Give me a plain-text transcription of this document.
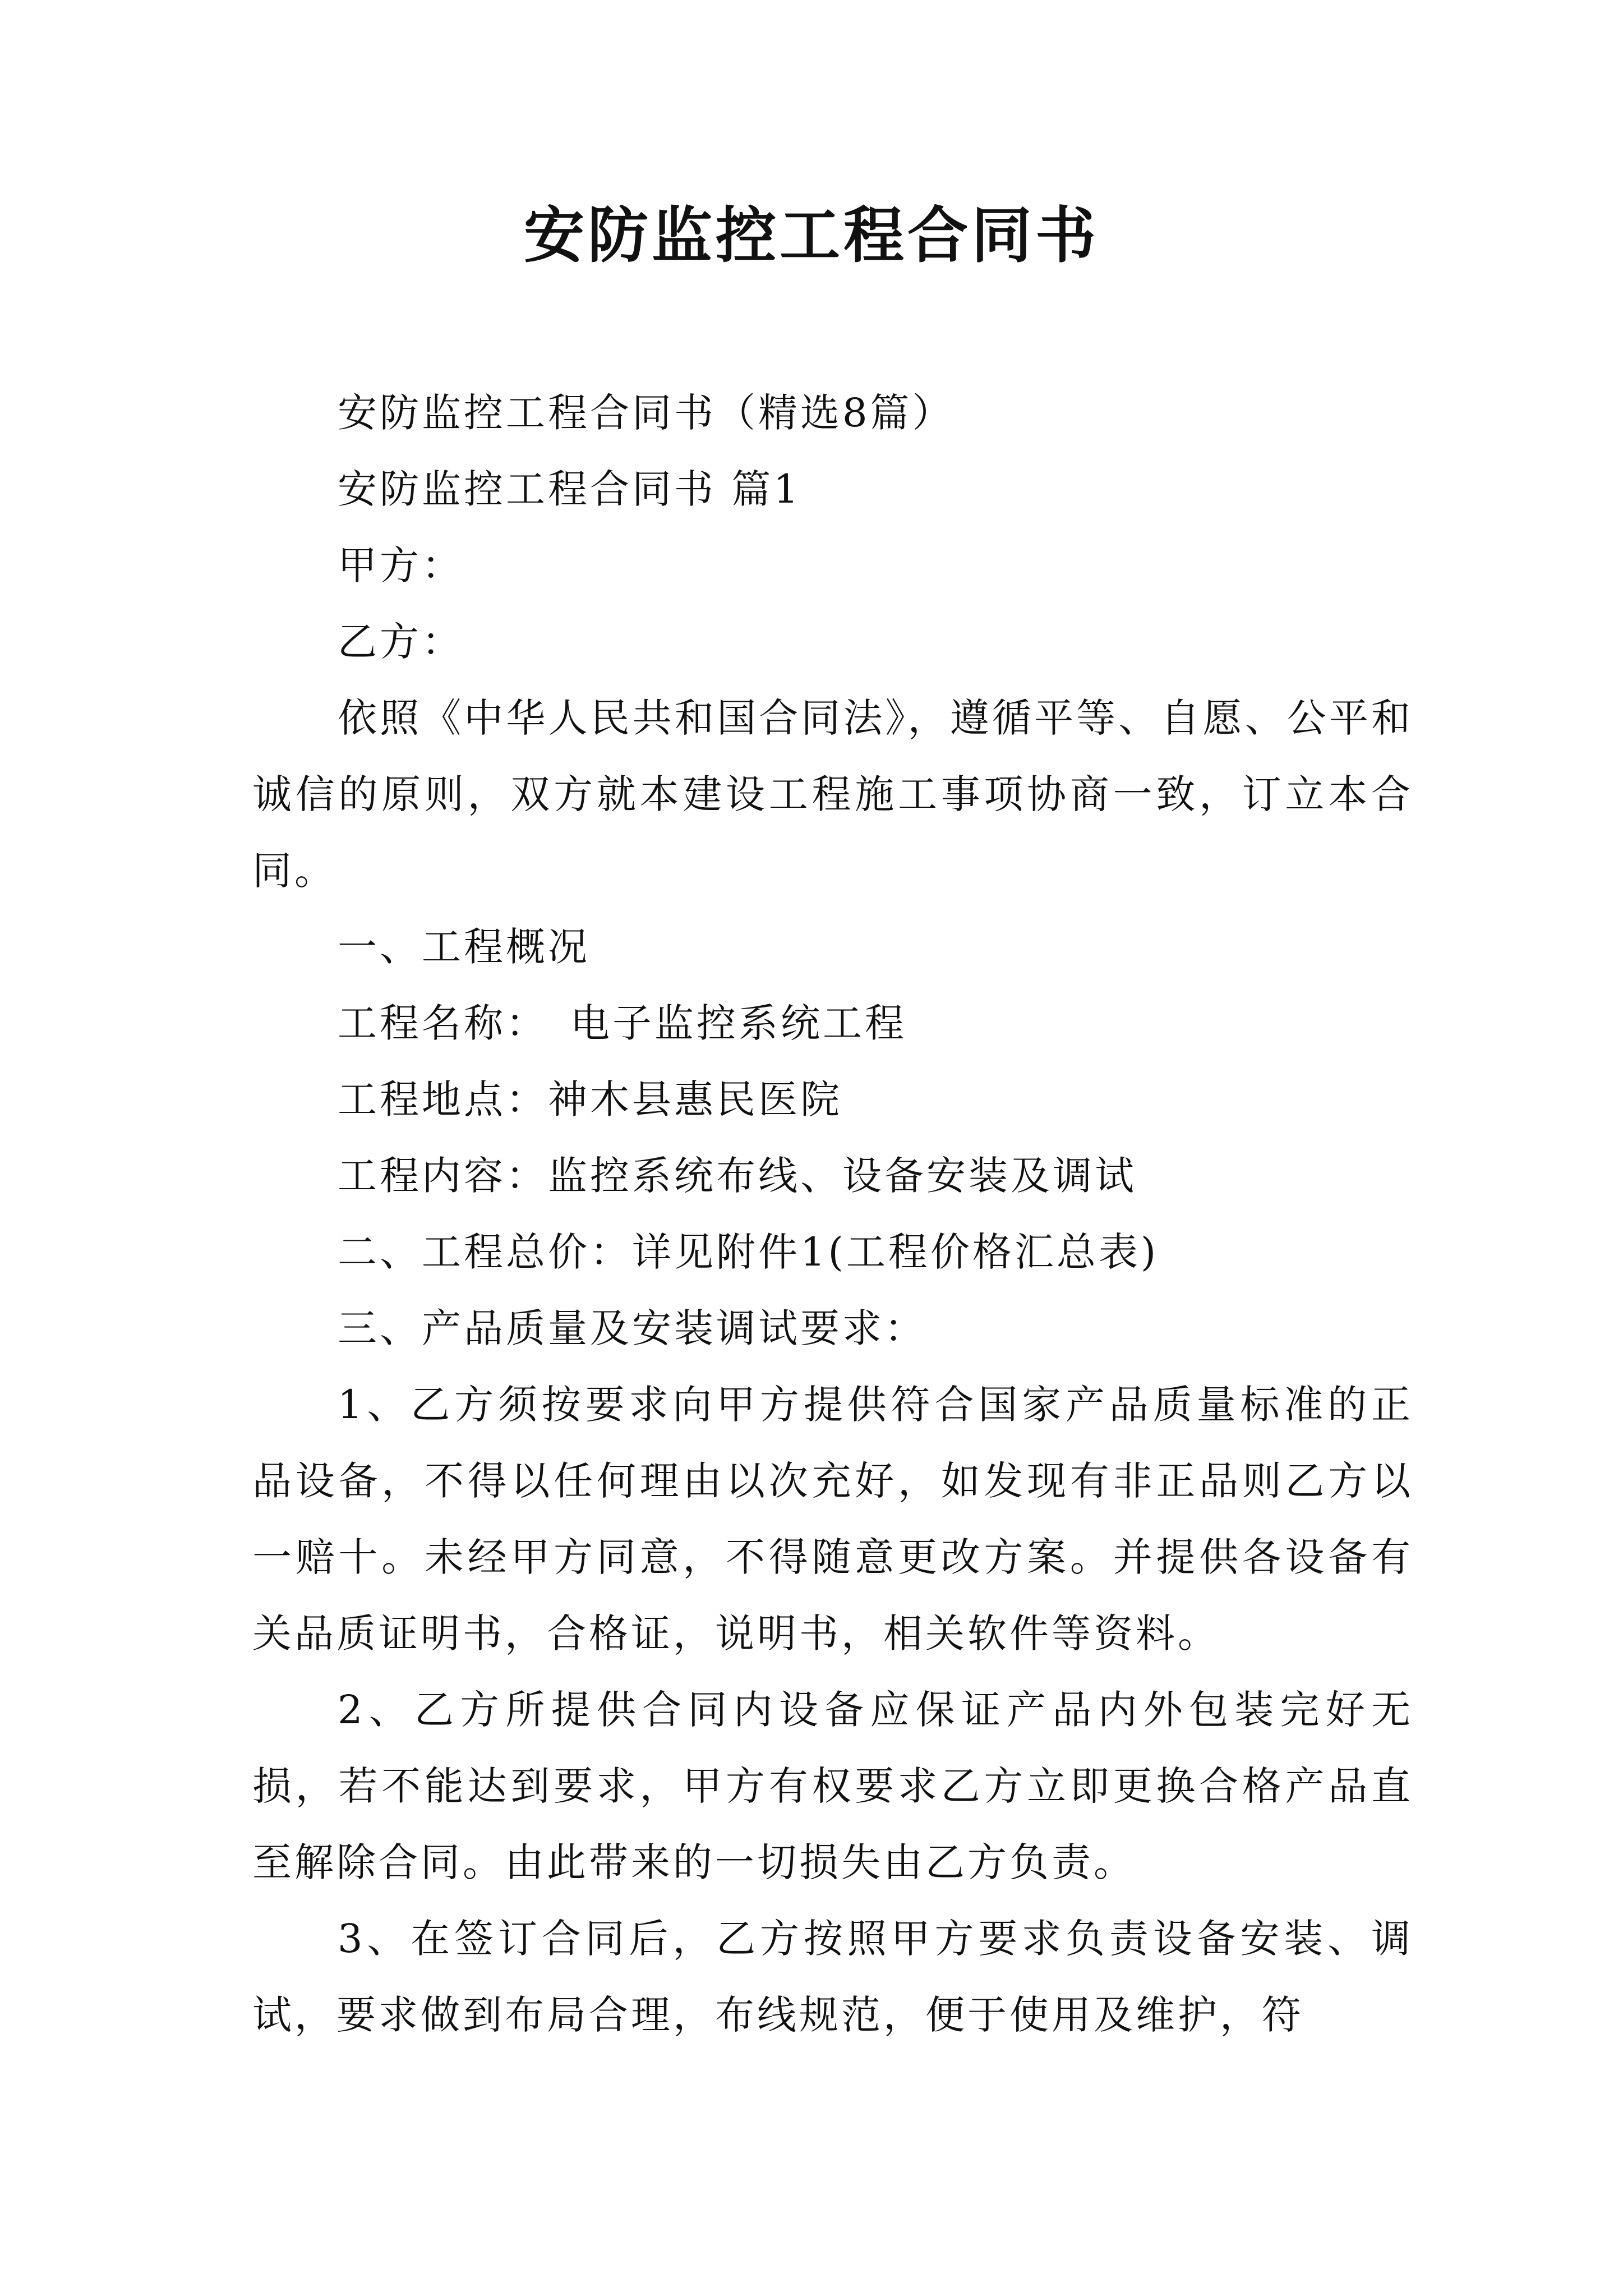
安防监控工程合同书

安防监控工程合同书（精选8篇）

安防监控工程合同书 篇1

甲方：

乙方：

依照《中华人民共和国合同法》，遵循平等、自愿、公平和诚信的原则，双方就本建设工程施工事项协商一致，订立本合同。

一、工程概况

工程名称：　电子监控系统工程

工程地点：神木县惠民医院

工程内容：监控系统布线、设备安装及调试

二、工程总价：详见附件1(工程价格汇总表)

三、产品质量及安装调试要求：

1、乙方须按要求向甲方提供符合国家产品质量标准的正品设备，不得以任何理由以次充好，如发现有非正品则乙方以一赔十。未经甲方同意，不得随意更改方案。并提供各设备有关品质证明书，合格证，说明书，相关软件等资料。

2、乙方所提供合同内设备应保证产品内外包装完好无损，若不能达到要求，甲方有权要求乙方立即更换合格产品直至解除合同。由此带来的一切损失由乙方负责。

3、在签订合同后，乙方按照甲方要求负责设备安装、调试，要求做到布局合理，布线规范，便于使用及维护，符
